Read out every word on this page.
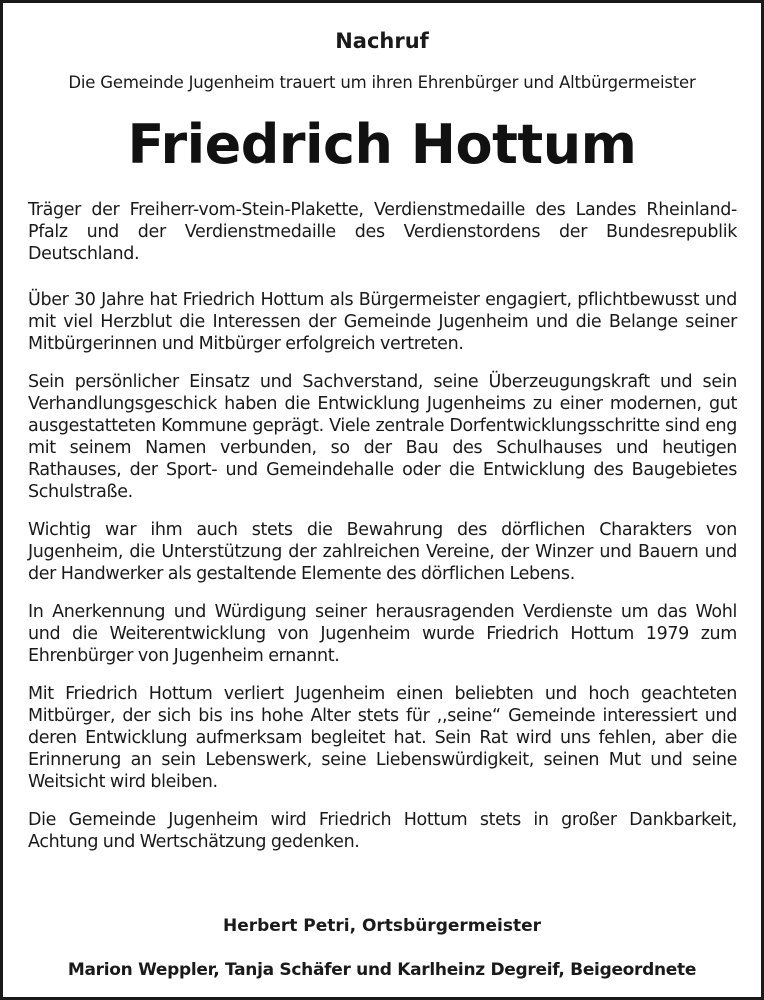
Nachruf
Die Gemeinde Jugenheim trauert um ihren Ehrenbürger und Altbürgermeister
Friedrich Hottum

Träger der Freiherr-vom-Stein-Plakette, Verdienstmedaille des Landes Rheinland-Pfalz und der Verdienstmedaille des Verdienstordens der Bundesrepublik Deutschland.

Über 30 Jahre hat Friedrich Hottum als Bürgermeister engagiert, pflichtbewusst und mit viel Herzblut die Interessen der Gemeinde Jugenheim und die Belange seiner Mitbürgerinnen und Mitbürger erfolgreich vertreten.

Sein persönlicher Einsatz und Sachverstand, seine Überzeugungskraft und sein Verhandlungsgeschick haben die Entwicklung Jugenheims zu einer modernen, gut ausgestatteten Kommune geprägt. Viele zentrale Dorfentwicklungsschritte sind eng mit seinem Namen verbunden, so der Bau des Schulhauses und heutigen Rathauses, der Sport- und Gemeindehalle oder die Entwicklung des Baugebietes Schulstraße.

Wichtig war ihm auch stets die Bewahrung des dörflichen Charakters von Jugenheim, die Unterstützung der zahlreichen Vereine, der Winzer und Bauern und der Handwerker als gestaltende Elemente des dörflichen Lebens.

In Anerkennung und Würdigung seiner herausragenden Verdienste um das Wohl und die Weiterentwicklung von Jugenheim wurde Friedrich Hottum 1979 zum Ehrenbürger von Jugenheim ernannt.

Mit Friedrich Hottum verliert Jugenheim einen beliebten und hoch geachteten Mitbürger, der sich bis ins hohe Alter stets für ,,seine“ Gemeinde interessiert und deren Entwicklung aufmerksam begleitet hat. Sein Rat wird uns fehlen, aber die Erinnerung an sein Lebenswerk, seine Liebenswürdigkeit, seinen Mut und seine Weitsicht wird bleiben.

Die Gemeinde Jugenheim wird Friedrich Hottum stets in großer Dankbarkeit, Achtung und Wertschätzung gedenken.

Herbert Petri, Ortsbürgermeister
Marion Weppler, Tanja Schäfer und Karlheinz Degreif, Beigeordnete
